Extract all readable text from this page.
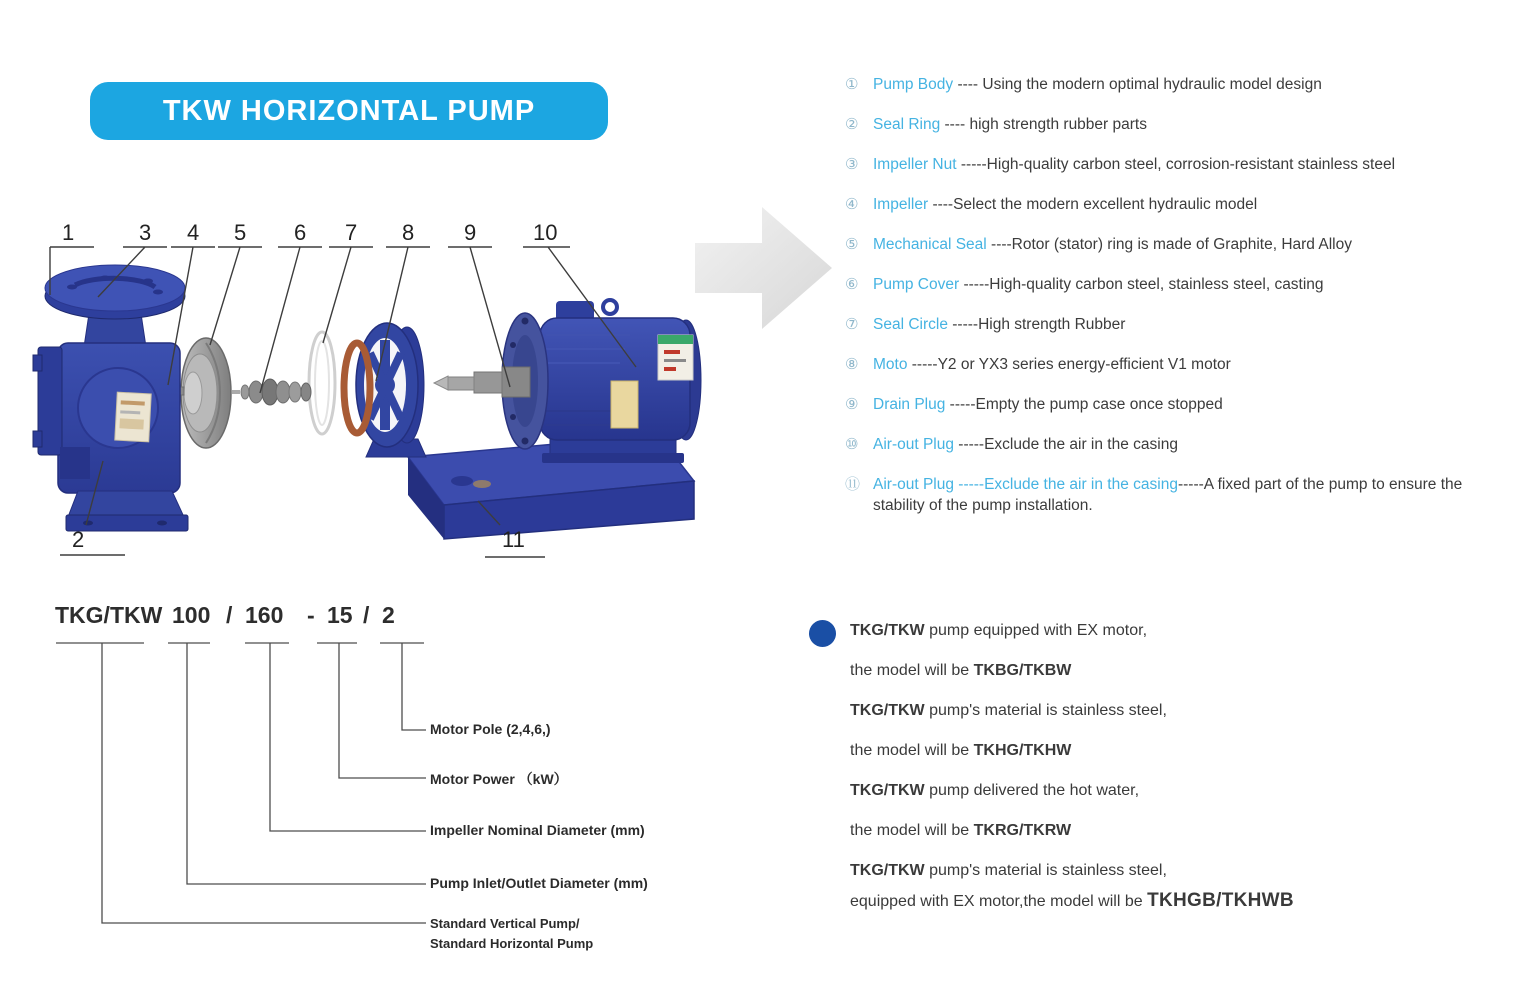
TKW HORIZONTAL PUMP
1	3 4 5 6 7 8 9	10
2	11
① Pump Body ---- Using the modern optimal hydraulic model design
② Seal Ring ---- high strength rubber parts
③ Impeller Nut -----High-quality carbon steel, corrosion-resistant stainless steel
④ Impeller ----Select the modern excellent hydraulic model
⑤ Mechanical Seal ----Rotor (stator) ring is made of Graphite, Hard Alloy
⑥ Pump Cover -----High-quality carbon steel, stainless steel, casting
⑦ Seal Circle -----High strength Rubber
⑧ Moto -----Y2 or YX3 series energy-efficient V1 motor
⑨ Drain Plug -----Empty the pump case once stopped
⑩ Air-out Plug -----Exclude the air in the casing
⑪ Air-out Plug -----Exclude the air in the casing-----A fixed part of the pump to ensure the stability of the pump installation.
TKG/TKW 100 / 160 - 15 / 2
Motor Pole (2,4,6,)
Motor Power （kW）
Impeller Nominal Diameter (mm)
Pump Inlet/Outlet Diameter (mm)
Standard Vertical Pump/
Standard Horizontal Pump
TKG/TKW pump equipped with EX motor,
the model will be TKBG/TKBW
TKG/TKW pump's material is stainless steel,
the model will be TKHG/TKHW
TKG/TKW pump delivered the hot water,
the model will be TKRG/TKRW
TKG/TKW pump's material is stainless steel,
equipped with EX motor,the model will be TKHGB/TKHWB
